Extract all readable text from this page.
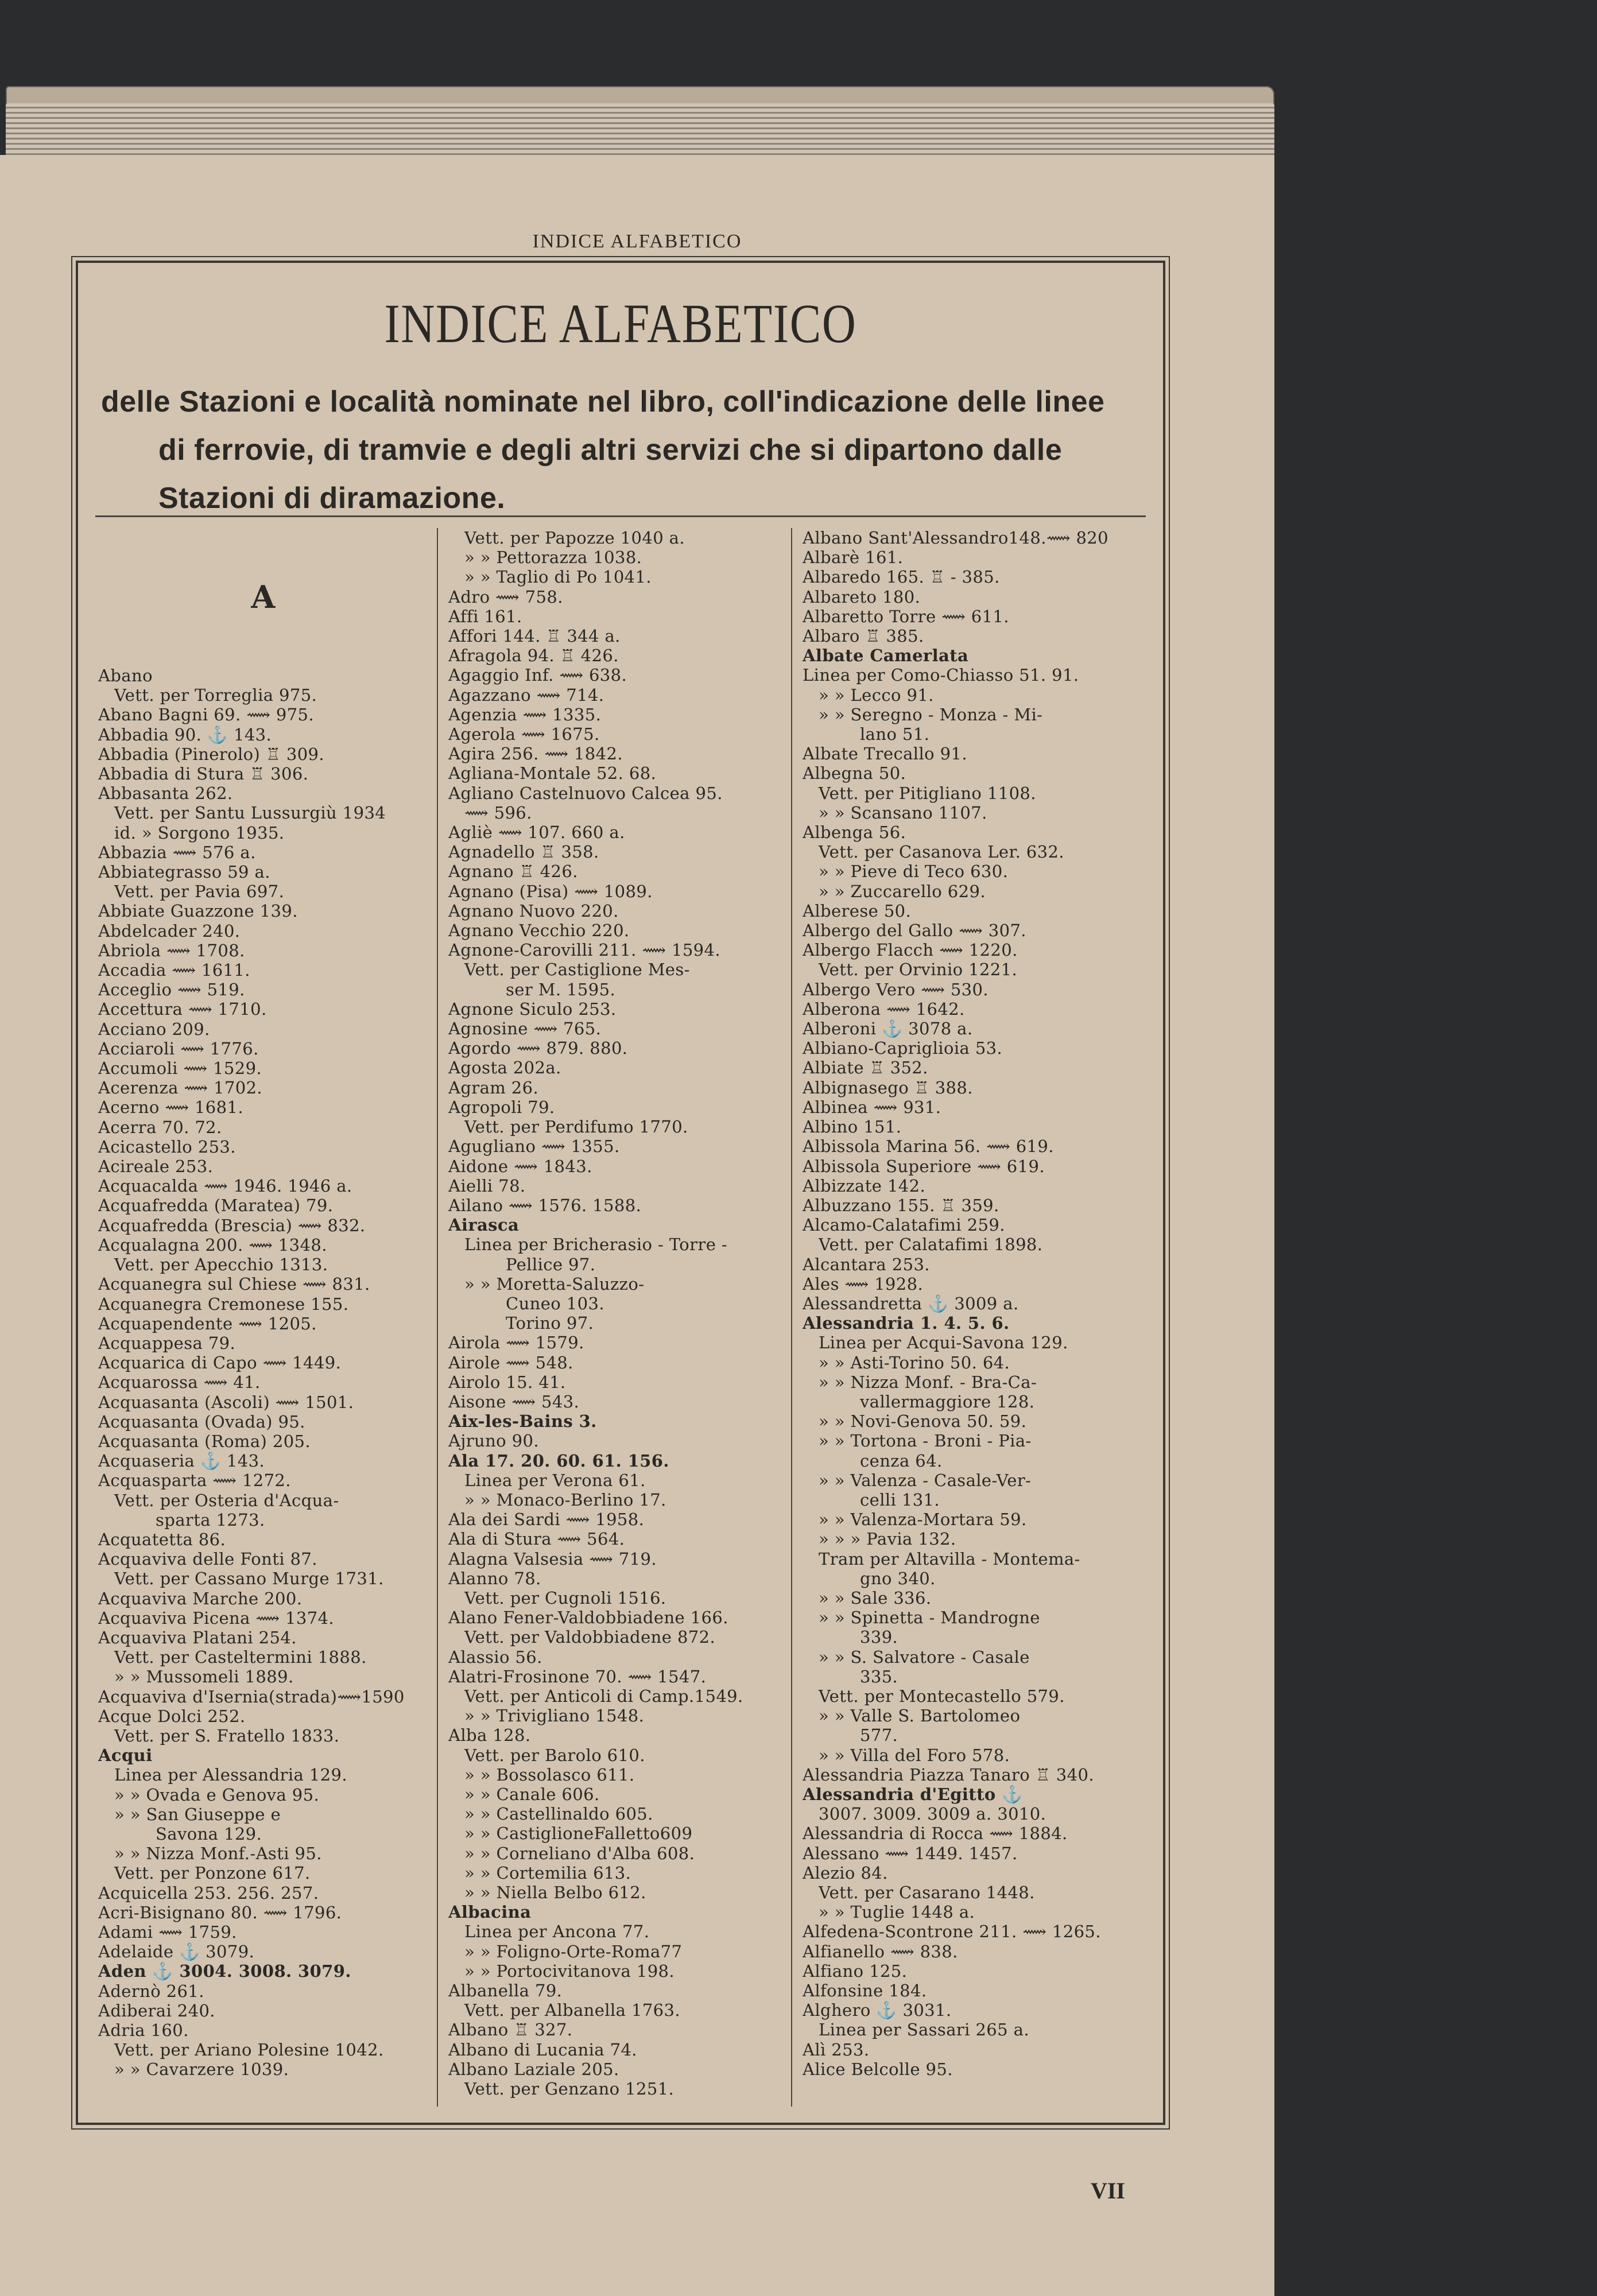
INDICE ALFABETICO
INDICE ALFABETICO
delle Stazioni e località nominate nel libro, coll'indicazione delle linee
di ferrovie, di tramvie e degli altri servizi che si dipartono dalle
Stazioni di diramazione.
A
Abano
Vett. per Torreglia 975.
Abano Bagni 69. ⟿ 975.
Abbadia 90. ⚓ 143.
Abbadia (Pinerolo) ♖ 309.
Abbadia di Stura ♖ 306.
Abbasanta 262.
Vett. per Santu Lussurgiù 1934
id. » Sorgono 1935.
Abbazia ⟿ 576 a.
Abbiategrasso 59 a.
Vett. per Pavia 697.
Abbiate Guazzone 139.
Abdelcader 240.
Abriola ⟿ 1708.
Accadia ⟿ 1611.
Acceglio ⟿ 519.
Accettura ⟿ 1710.
Acciano 209.
Acciaroli ⟿ 1776.
Accumoli ⟿ 1529.
Acerenza ⟿ 1702.
Acerno ⟿ 1681.
Acerra 70. 72.
Acicastello 253.
Acireale 253.
Acquacalda ⟿ 1946. 1946 a.
Acquafredda (Maratea) 79.
Acquafredda (Brescia) ⟿ 832.
Acqualagna 200. ⟿ 1348.
Vett. per Apecchio 1313.
Acquanegra sul Chiese ⟿ 831.
Acquanegra Cremonese 155.
Acquapendente ⟿ 1205.
Acquappesa 79.
Acquarica di Capo ⟿ 1449.
Acquarossa ⟿ 41.
Acquasanta (Ascoli) ⟿ 1501.
Acquasanta (Ovada) 95.
Acquasanta (Roma) 205.
Acquaseria ⚓ 143.
Acquasparta ⟿ 1272.
Vett. per Osteria d'Acqua-
sparta 1273.
Acquatetta 86.
Acquaviva delle Fonti 87.
Vett. per Cassano Murge 1731.
Acquaviva Marche 200.
Acquaviva Picena ⟿ 1374.
Acquaviva Platani 254.
Vett. per Casteltermini 1888.
» » Mussomeli 1889.
Acquaviva d'Isernia(strada)⟿1590
Acque Dolci 252.
Vett. per S. Fratello 1833.
Acqui
Linea per Alessandria 129.
» » Ovada e Genova 95.
» » San Giuseppe e
Savona 129.
» » Nizza Monf.-Asti 95.
Vett. per Ponzone 617.
Acquicella 253. 256. 257.
Acri-Bisignano 80. ⟿ 1796.
Adami ⟿ 1759.
Adelaide ⚓ 3079.
Aden ⚓ 3004. 3008. 3079.
Adernò 261.
Adiberai 240.
Adria 160.
Vett. per Ariano Polesine 1042.
» » Cavarzere 1039.
Vett. per Papozze 1040 a.
» » Pettorazza 1038.
» » Taglio di Po 1041.
Adro ⟿ 758.
Affi 161.
Affori 144. ♖ 344 a.
Afragola 94. ♖ 426.
Agaggio Inf. ⟿ 638.
Agazzano ⟿ 714.
Agenzia ⟿ 1335.
Agerola ⟿ 1675.
Agira 256. ⟿ 1842.
Agliana-Montale 52. 68.
Agliano Castelnuovo Calcea 95.
⟿ 596.
Agliè ⟿ 107. 660 a.
Agnadello ♖ 358.
Agnano ♖ 426.
Agnano (Pisa) ⟿ 1089.
Agnano Nuovo 220.
Agnano Vecchio 220.
Agnone-Carovilli 211. ⟿ 1594.
Vett. per Castiglione Mes-
ser M. 1595.
Agnone Siculo 253.
Agnosine ⟿ 765.
Agordo ⟿ 879. 880.
Agosta 202a.
Agram 26.
Agropoli 79.
Vett. per Perdifumo 1770.
Agugliano ⟿ 1355.
Aidone ⟿ 1843.
Aielli 78.
Ailano ⟿ 1576. 1588.
Airasca
Linea per Bricherasio - Torre -
Pellice 97.
» » Moretta-Saluzzo-
Cuneo 103.
Torino 97.
Airola ⟿ 1579.
Airole ⟿ 548.
Airolo 15. 41.
Aisone ⟿ 543.
Aix-les-Bains 3.
Ajruno 90.
Ala 17. 20. 60. 61. 156.
Linea per Verona 61.
» » Monaco-Berlino 17.
Ala dei Sardi ⟿ 1958.
Ala di Stura ⟿ 564.
Alagna Valsesia ⟿ 719.
Alanno 78.
Vett. per Cugnoli 1516.
Alano Fener-Valdobbiadene 166.
Vett. per Valdobbiadene 872.
Alassio 56.
Alatri-Frosinone 70. ⟿ 1547.
Vett. per Anticoli di Camp.1549.
» » Trivigliano 1548.
Alba 128.
Vett. per Barolo 610.
» » Bossolasco 611.
» » Canale 606.
» » Castellinaldo 605.
» » CastiglioneFalletto609
» » Corneliano d'Alba 608.
» » Cortemilia 613.
» » Niella Belbo 612.
Albacina
Linea per Ancona 77.
» » Foligno-Orte-Roma77
» » Portocivitanova 198.
Albanella 79.
Vett. per Albanella 1763.
Albano ♖ 327.
Albano di Lucania 74.
Albano Laziale 205.
Vett. per Genzano 1251.
Albano Sant'Alessandro148.⟿ 820
Albarè 161.
Albaredo 165. ♖ - 385.
Albareto 180.
Albaretto Torre ⟿ 611.
Albaro ♖ 385.
Albate Camerlata
Linea per Como-Chiasso 51. 91.
» » Lecco 91.
» » Seregno - Monza - Mi-
lano 51.
Albate Trecallo 91.
Albegna 50.
Vett. per Pitigliano 1108.
» » Scansano 1107.
Albenga 56.
Vett. per Casanova Ler. 632.
» » Pieve di Teco 630.
» » Zuccarello 629.
Alberese 50.
Albergo del Gallo ⟿ 307.
Albergo Flacch ⟿ 1220.
Vett. per Orvinio 1221.
Albergo Vero ⟿ 530.
Alberona ⟿ 1642.
Alberoni ⚓ 3078 a.
Albiano-Capriglioia 53.
Albiate ♖ 352.
Albignasego ♖ 388.
Albinea ⟿ 931.
Albino 151.
Albissola Marina 56. ⟿ 619.
Albissola Superiore ⟿ 619.
Albizzate 142.
Albuzzano 155. ♖ 359.
Alcamo-Calatafimi 259.
Vett. per Calatafimi 1898.
Alcantara 253.
Ales ⟿ 1928.
Alessandretta ⚓ 3009 a.
Alessandria 1. 4. 5. 6.
Linea per Acqui-Savona 129.
» » Asti-Torino 50. 64.
» » Nizza Monf. - Bra-Ca-
vallermaggiore 128.
» » Novi-Genova 50. 59.
» » Tortona - Broni - Pia-
cenza 64.
» » Valenza - Casale-Ver-
celli 131.
» » Valenza-Mortara 59.
» » » Pavia 132.
Tram per Altavilla - Montema-
gno 340.
» » Sale 336.
» » Spinetta - Mandrogne
339.
» » S. Salvatore - Casale
335.
Vett. per Montecastello 579.
» » Valle S. Bartolomeo
577.
» » Villa del Foro 578.
Alessandria Piazza Tanaro ♖ 340.
Alessandria d'Egitto ⚓
3007. 3009. 3009 a. 3010.
Alessandria di Rocca ⟿ 1884.
Alessano ⟿ 1449. 1457.
Alezio 84.
Vett. per Casarano 1448.
» » Tuglie 1448 a.
Alfedena-Scontrone 211. ⟿ 1265.
Alfianello ⟿ 838.
Alfiano 125.
Alfonsine 184.
Alghero ⚓ 3031.
Linea per Sassari 265 a.
Alì 253.
Alice Belcolle 95.
VII
